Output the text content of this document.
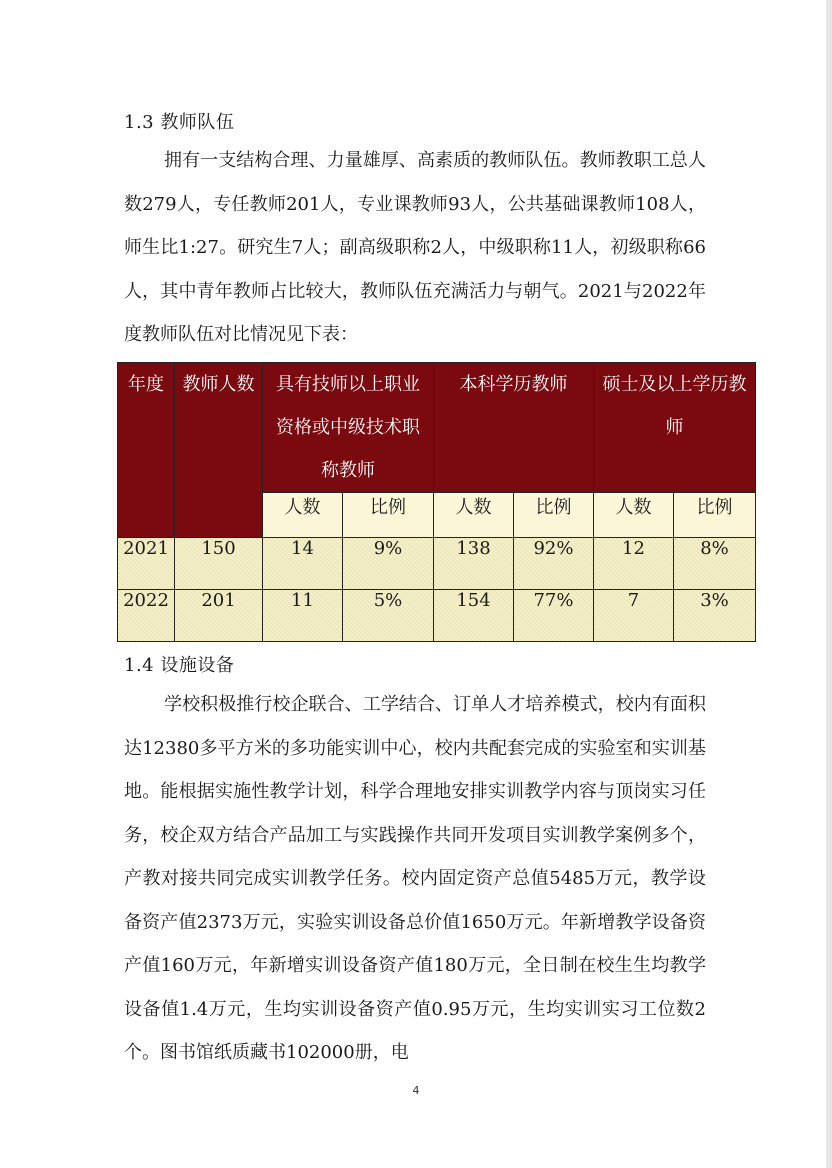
1.3 教师队伍

拥有一支结构合理、力量雄厚、高素质的教师队伍。教师教职工总人数279人，专任教师201人，专业课教师93人，公共基础课教师108人，师生比1:27。研究生7人；副高级职称2人，中级职称11人，初级职称66人，其中青年教师占比较大，教师队伍充满活力与朝气。2021与2022年度教师队伍对比情况见下表：

年度	教师人数	具有技师以上职业资格或中级技术职称教师		本科学历教师		硕士及以上学历教师	
		人数	比例	人数	比例	人数	比例
2021	150	14	9%	138	92%	12	8%
2022	201	11	5%	154	77%	7	3%
1.4 设施设备

学校积极推行校企联合、工学结合、订单人才培养模式，校内有面积达12380多平方米的多功能实训中心，校内共配套完成的实验室和实训基地。能根据实施性教学计划，科学合理地安排实训教学内容与顶岗实习任务，校企双方结合产品加工与实践操作共同开发项目实训教学案例多个，产教对接共同完成实训教学任务。校内固定资产总值5485万元，教学设备资产值2373万元，实验实训设备总价值1650万元。年新增教学设备资产值160万元，年新增实训设备资产值180万元，全日制在校生生均教学设备值1.4万元，生均实训设备资产值0.95万元，生均实训实习工位数2个。图书馆纸质藏书102000册，电

4
